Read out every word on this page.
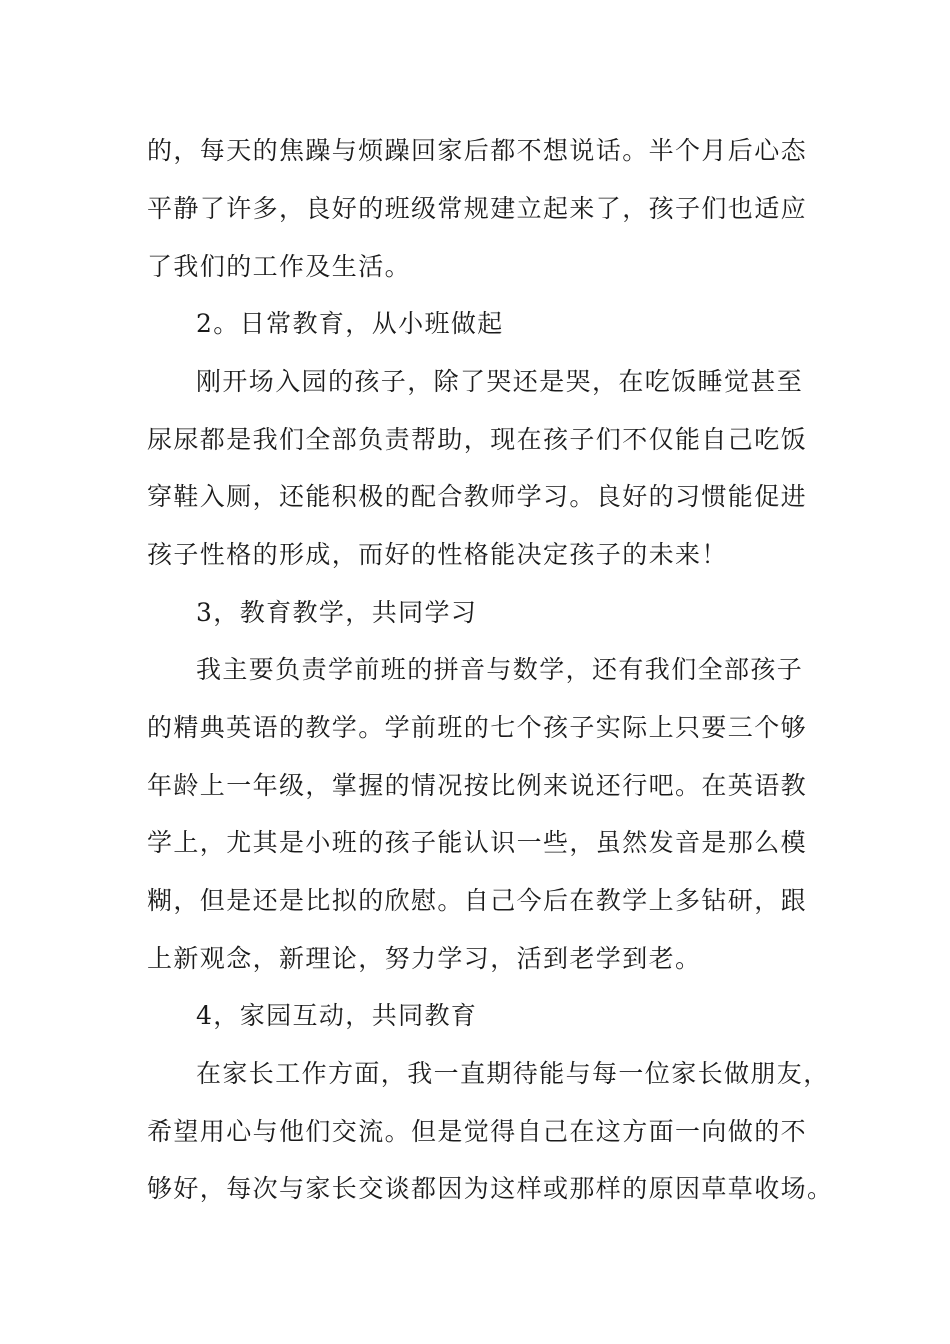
的，每天的焦躁与烦躁回家后都不想说话。半个月后心态
平静了许多，良好的班级常规建立起来了，孩子们也适应
了我们的工作及生活。
2。日常教育，从小班做起
刚开场入园的孩子，除了哭还是哭，在吃饭睡觉甚至
尿尿都是我们全部负责帮助，现在孩子们不仅能自己吃饭
穿鞋入厕，还能积极的配合教师学习。良好的习惯能促进
孩子性格的形成，而好的性格能决定孩子的未来！
3，教育教学，共同学习
我主要负责学前班的拼音与数学，还有我们全部孩子
的精典英语的教学。学前班的七个孩子实际上只要三个够
年龄上一年级，掌握的情况按比例来说还行吧。在英语教
学上，尤其是小班的孩子能认识一些，虽然发音是那么模
糊，但是还是比拟的欣慰。自己今后在教学上多钻研，跟
上新观念，新理论，努力学习，活到老学到老。
4，家园互动，共同教育
在家长工作方面，我一直期待能与每一位家长做朋友，
希望用心与他们交流。但是觉得自己在这方面一向做的不
够好，每次与家长交谈都因为这样或那样的原因草草收场。
